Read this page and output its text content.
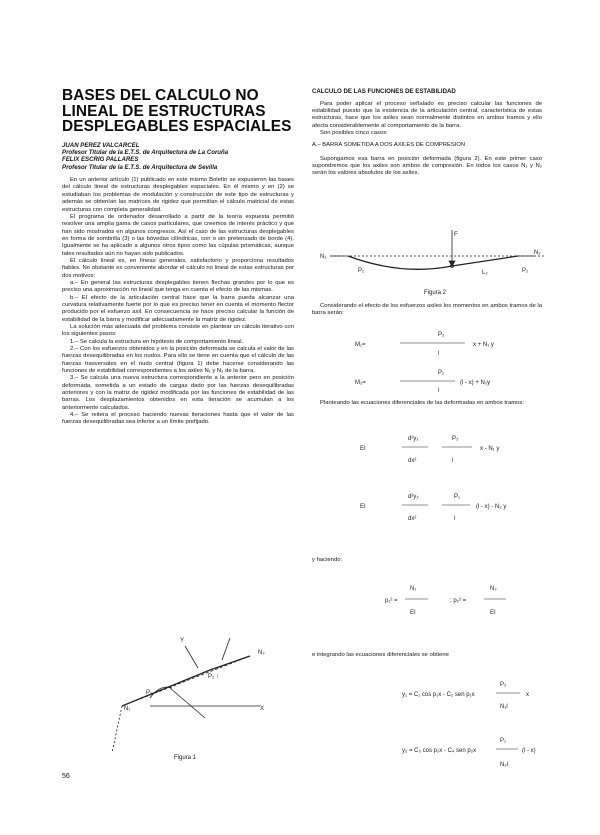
BASES DEL CALCULO NO
LINEAL DE ESTRUCTURAS
DESPLEGABLES ESPACIALES
JUAN PEREZ VALCARCEL
Profesor Titular de la E.T.S. de Arquitectura de La Coruña
FELIX ESCRIG PALLARES
Profesor Titular de la E.T.S. de Arquitectura de Sevilla

En un anterior artículo (1) publicado en este mismo Boletín se expusieron las bases del cálculo lineal de estructuras desplegables espaciales. En él mismo y en (2) se estudiaban los problemas de modulación y construcción de este tipo de estructuras y además se obtenían las matrices de rigidez que permitían el cálculo matricial de estas estructuras con completa generalidad.

El programa de ordenador desarrollado a partir de la teoría expuesta permitió resolver una amplia gama de casos particulares, que creemos de interés práctico y que han sido mostrados en algunos congresos. Así el caso de las estructuras desplegables en forma de sombrilla (3) o las bóvedas cilíndricas, con o sin pretensado de borde (4). Igualmente se ha aplicado a algunos otros tipos como las cúpulas prismáticas, aunque tales resultados aún no hayan sido publicados.

El cálculo lineal es, en líneas generales, satisfactorio y proporciona resultados fiables. No obstante es conveniente abordar el cálculo no lineal de estas estructuras por dos motivos:

a.– En general las estructuras desplegables tienen flechas grandes por lo que es preciso una aproximación no lineal que tenga en cuenta el efecto de las mismas.

b.– El efecto de la articulación central hace que la barra pueda alcanzar una curvatura relativamente fuerte por lo que es preciso tener en cuenta el momento flector producido por el esfuerzo axil. En consecuencia se hace preciso calcular la función de estabilidad de la barra y modificar adecuadamente la matriz de rigidez.

La solución más adecuada del problema consiste en plantear un cálculo iterativo con los siguientes pasos:

1.– Se calcula la estructura en hipótesis de comportamiento lineal.

2.– Con los esfuerzos obtenidos y en la posición deformada se calcula el valor de las fuerzas desequilibradas en los nudos. Para ello se tiene en cuenta que el cálculo de las fuerzas trasversales en el nudo central (figura 1) debe hacerse considerando las funciones de estabilidad correspondientes a los axiles N₁ y N₂ de la barra.

3.– Se calcula una nueva estructura correspondiente a la anterior pero en posición deformada, sometida a un estado de cargas dado por las fuerzas desequilibradas anteriores y con la matriz de rigidez modificada por las funciones de estabilidad de las barras. Los desplazamientos obtenidos en esta iteración se acumulan a los anteriormente calculados.

4.– Se reitera el proceso haciendo nuevas iteraciones hasta que el valor de las fuerzas desequilibradas sea inferior a un límite prefijado.

N₁
P₂ ↑
N₂
Y
P₁
X
Figura 1
56
CALCULO DE LAS FUNCIONES DE ESTABILIDAD

Para poder aplicar el proceso señalado es preciso calcular las funciones de estabilidad puesto que la existencia de la articulación central, característica de estas estructuras, hace que los axiles sean normalmente distintos en ambos tramos y ello afecta considerablemente al comportamiento de la barra.

Son posibles cinco casos:

A.– BARRA SOMETIDA A DOS AXILES DE COMPRESION

Supongamos esa barra en posición deformada (figura 2). En este primer caso supondremos que los axiles son ambos de compresión. En todos los casos N₁ y N₂ serán los valores absolutos de los axiles.

N₁
F
N₂
P₁	P₂
L₂
Figura 2
Considerando el efecto de los esfuerzos axiles los momentos en ambos tramos de la barra serán:
P₂
M₁=	x + N₁ y
l
P₁
M₂=	(l - x) + N₂y
l
Planteando las ecuaciones diferenciales de las deformadas en ambos tramos:
d²y₁	P₂
EI	x - N₁ y
dx²	l
d²y₂	P₁
EI	(l - x) - N₂ y
dx²	l
y haciendo:
N₁
p₁² =
EI
; p₂² =
N₂
EI
e integrando las ecuaciones diferenciales se obtiene
P₂
y₁ = C₁ cos p₁x - C₂ sen p₁x	x
N₁l
P₁
y₂ = C₃ cos p₂x - C₄ sen p₂x	(l - x)
N₂l
